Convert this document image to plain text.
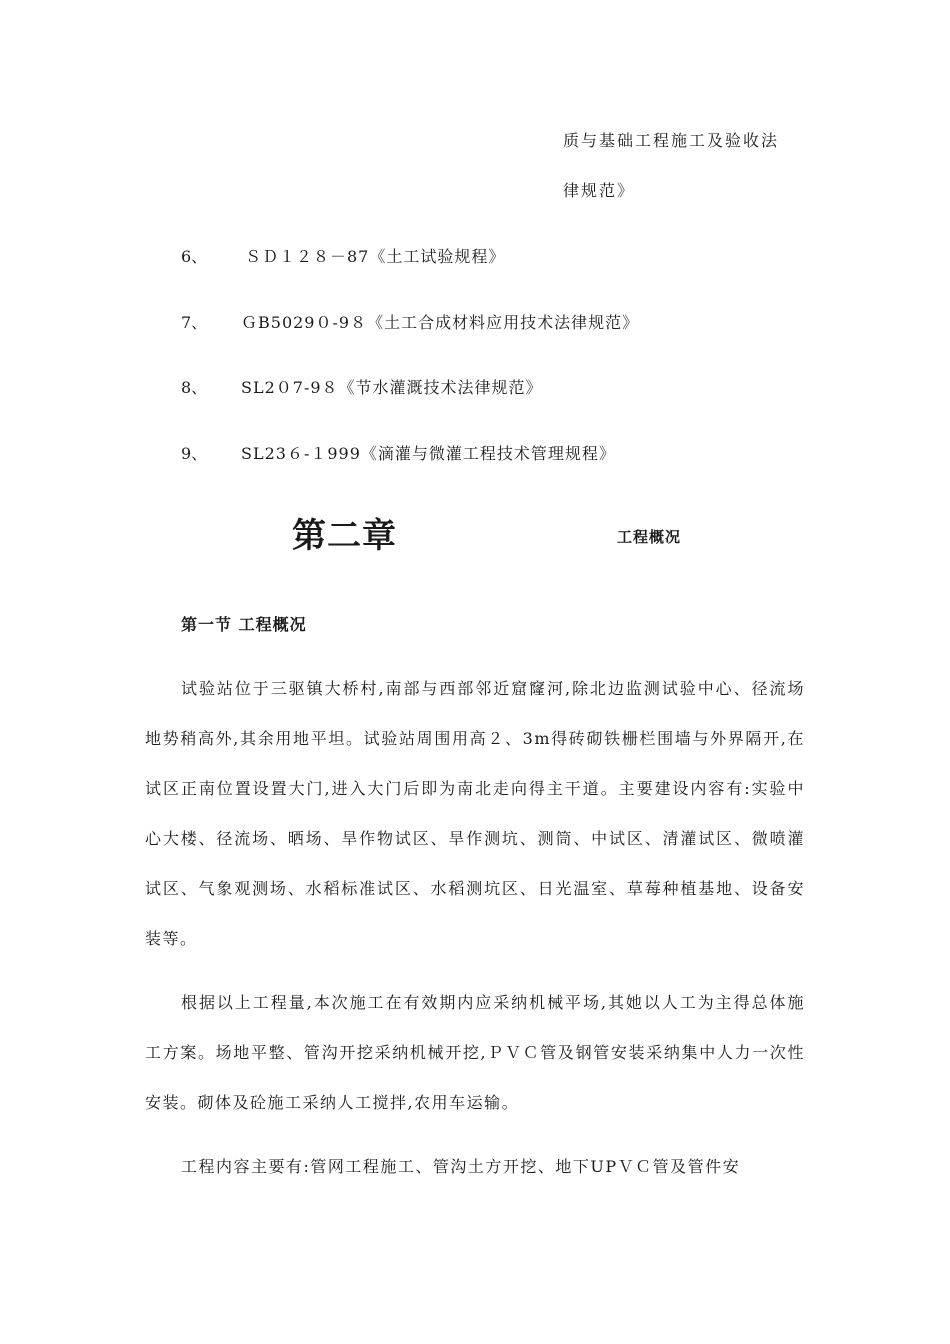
质与基础工程施工及验收法
律规范》
6、 ＳＤ１２８－87《土工试验规程》
7、 ＧB5029０-9８《土工合成材料应用技术法律规范》
8、 SL2０7-9８《节水灌溉技术法律规范》
9、 SL23６-１999《滴灌与微灌工程技术管理规程》
第二章	工程概况
第一节 工程概况

试验站位于三驱镇大桥村,南部与西部邻近窟窿河,除北边监测试验中心、径流场地势稍高外,其余用地平坦。试验站周围用高２、3m得砖砌铁栅栏围墙与外界隔开,在试区正南位置设置大门,进入大门后即为南北走向得主干道。主要建设内容有:实验中心大楼、径流场、晒场、旱作物试区、旱作测坑、测筒、中试区、清灌试区、微喷灌试区、气象观测场、水稻标准试区、水稻测坑区、日光温室、草莓种植基地、设备安装等。

根据以上工程量,本次施工在有效期内应采纳机械平场,其她以人工为主得总体施工方案。场地平整、管沟开挖采纳机械开挖,ＰＶＣ管及钢管安装采纳集中人力一次性安装。砌体及砼施工采纳人工搅拌,农用车运输。

工程内容主要有:管网工程施工、管沟土方开挖、地下UPＶＣ管及管件安
